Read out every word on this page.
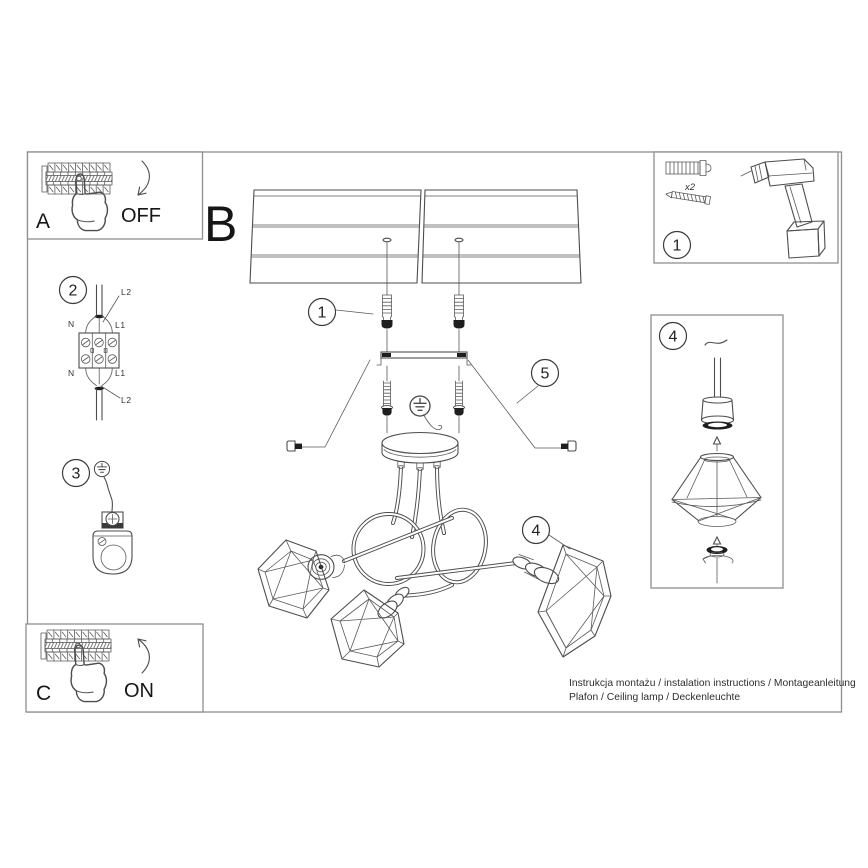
A	OFF
2	L2
N	L1
N	L1
L2
3
C	ON
B
1
5
4
x2
1
4
Instrukcja montażu / instalation instructions / Montageanleitung
Plafon / Ceiling lamp / Deckenleuchte
